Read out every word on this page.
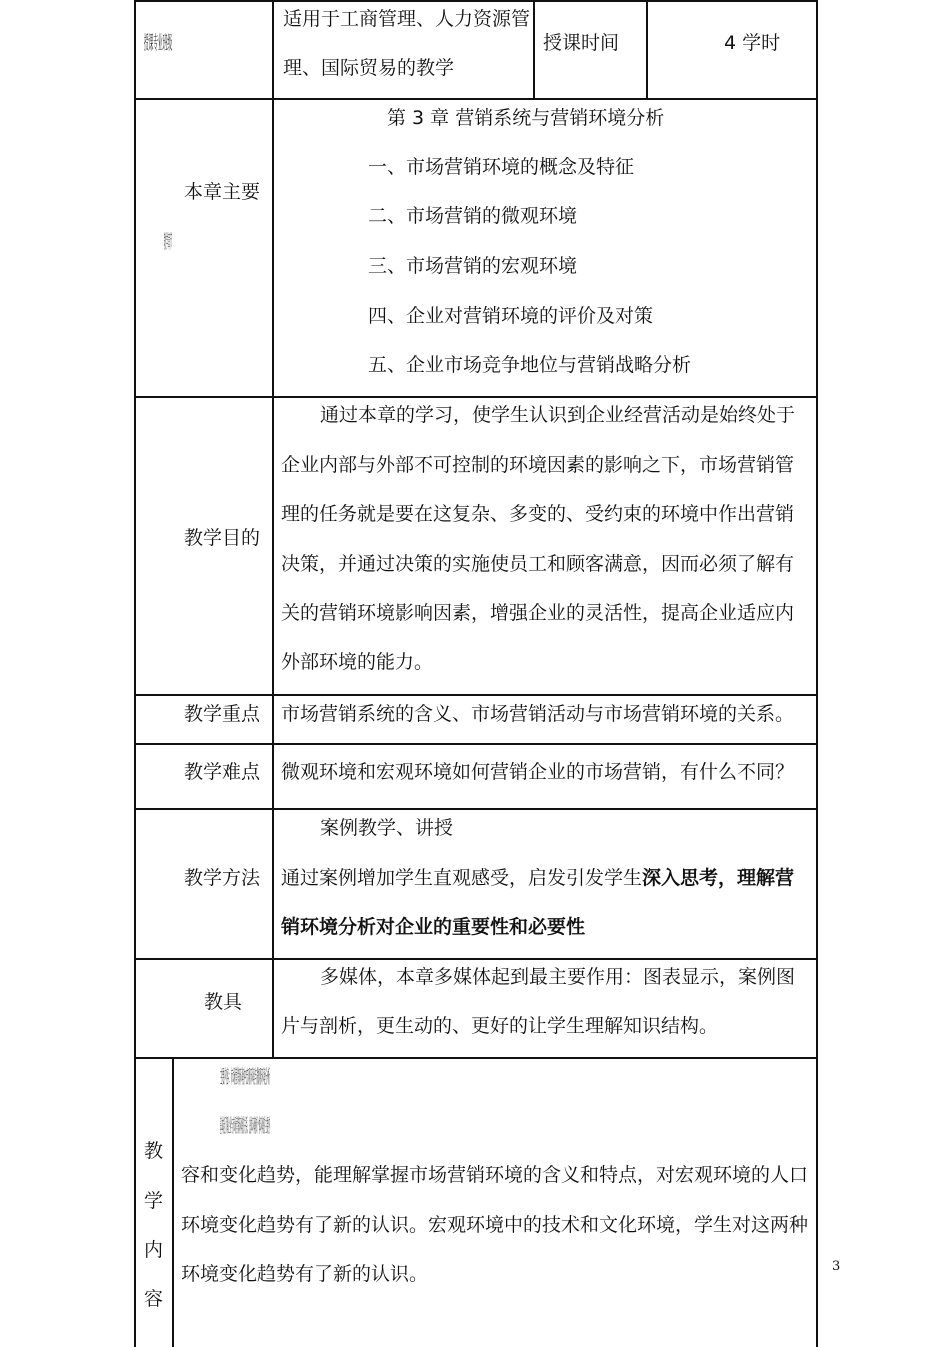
授课专业班级
适用于工商管理、人力资源管
理、国际贸易的教学
授课时间	4 学时
本章主要
教学章节
第 3 章 营销系统与营销环境分析
一、市场营销环境的概念及特征
二、市场营销的微观环境
三、市场营销的宏观环境
四、企业对营销环境的评价及对策
五、企业市场竞争地位与营销战略分析
教学目的
通过本章的学习，使学生认识到企业经营活动是始终处于
企业内部与外部不可控制的环境因素的影响之下，市场营销管
理的任务就是要在这复杂、多变的、受约束的环境中作出营销
决策，并通过决策的实施使员工和顾客满意，因而必须了解有
关的营销环境影响因素，增强企业的灵活性，提高企业适应内
外部环境的能力。
教学重点 市场营销系统的含义、市场营销活动与市场营销环境的关系。
教学难点 微观环境和宏观环境如何营销企业的市场营销，有什么不同？
教学方法
案例教学、讲授
通过案例增加学生直观感受，启发引发学生深入思考，理解营
销环境分析对企业的重要性和必要性
教具
多媒体，本章多媒体起到最主要作用：图表显示，案例图
片与剖析，更生动的、更好的让学生理解知识结构。
教
学
内
容
主要内容：市场营销环境中宏观环境与微观环境分析
基本能了解企业与市场营销环境的关系、总体环境和个体环境的主要内
容和变化趋势，能理解掌握市场营销环境的含义和特点，对宏观环境的人口
环境变化趋势有了新的认识。宏观环境中的技术和文化环境，学生对这两种
环境变化趋势有了新的认识。	3
